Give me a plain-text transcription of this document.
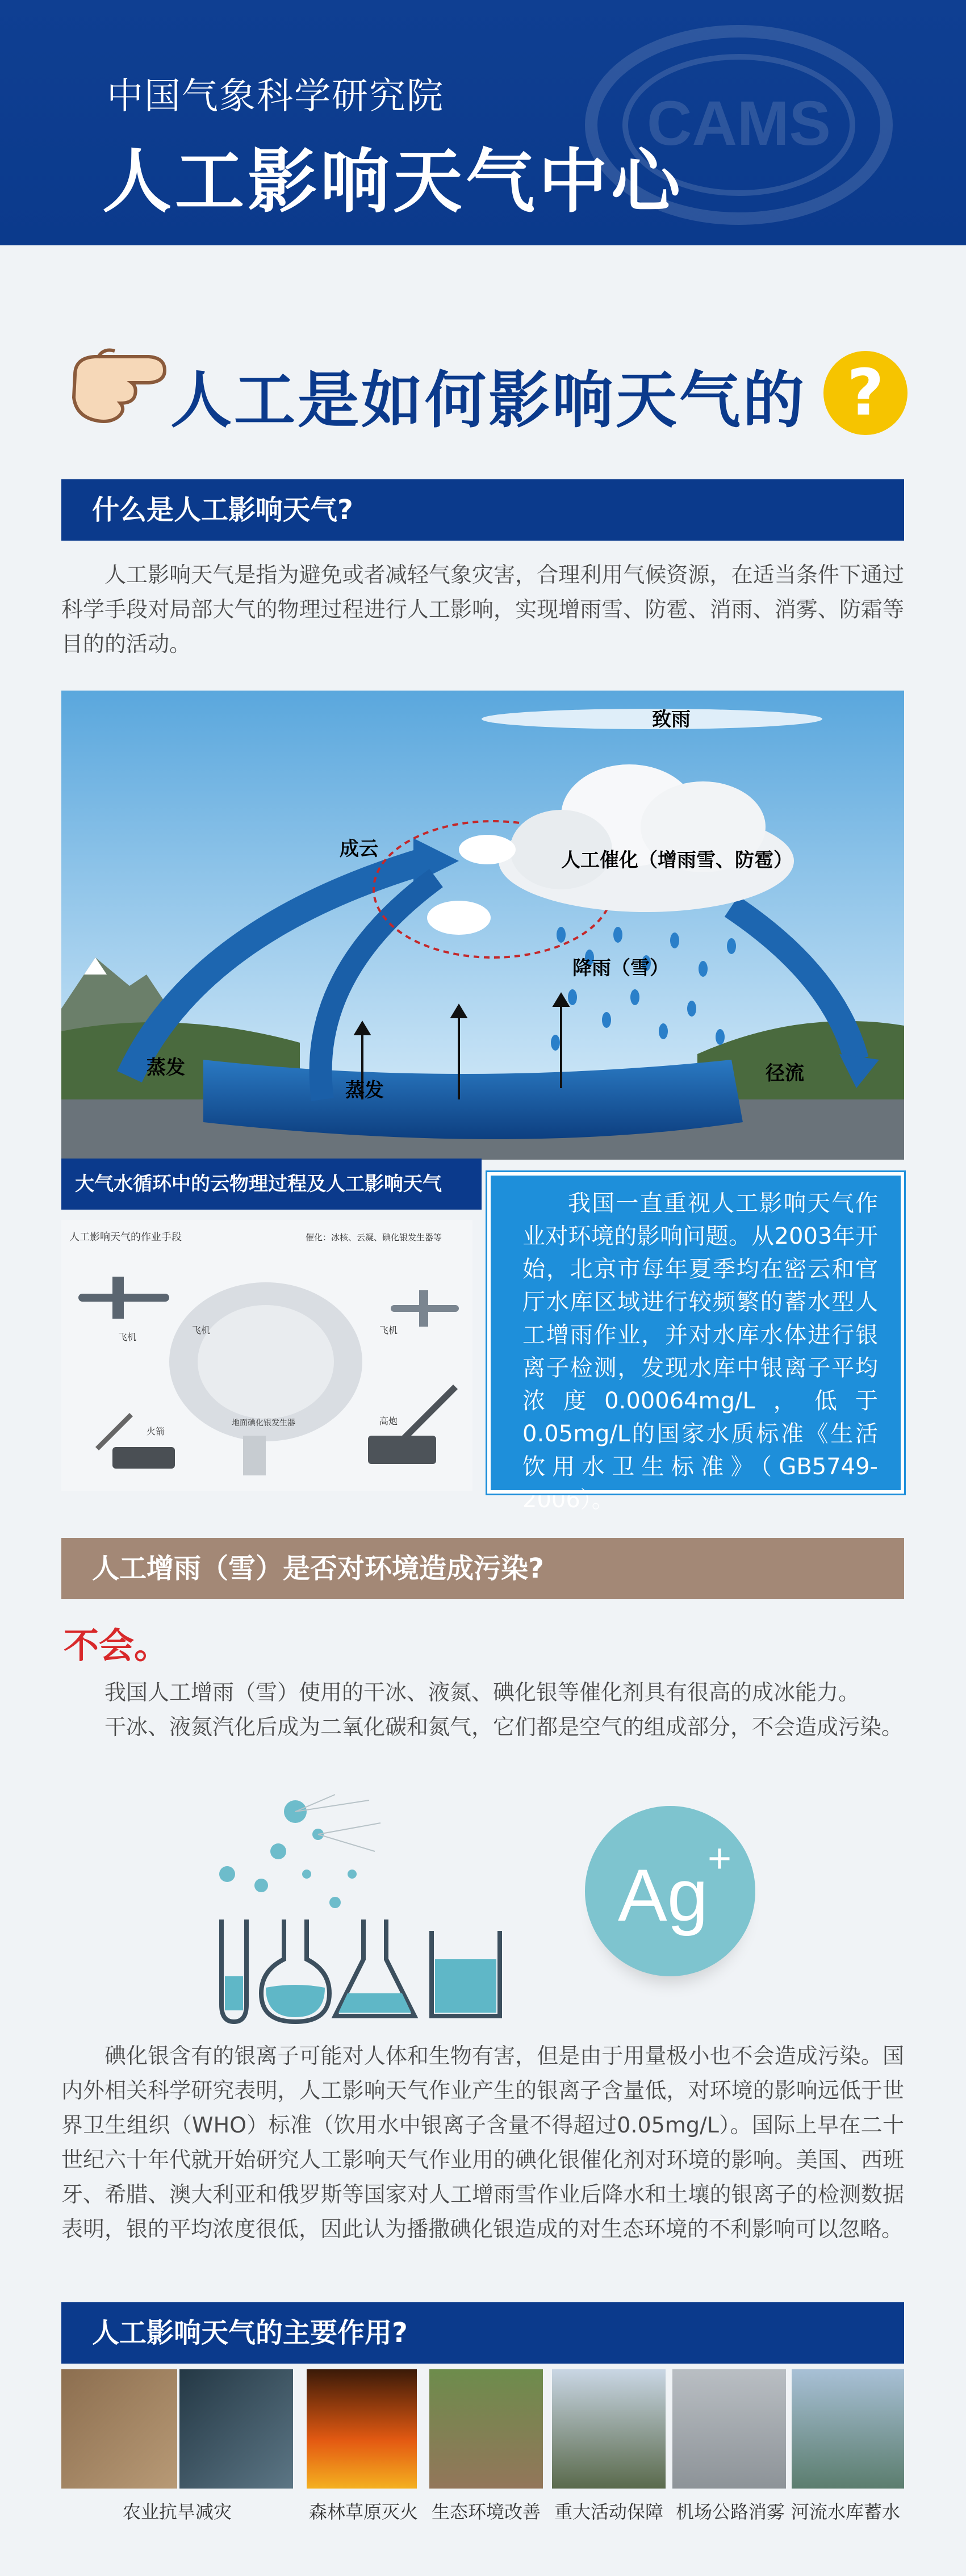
CAMS
中国气象科学研究院
人工影响天气中心
人工是如何影响天气的 ?
什么是人工影响天气?

人工影响天气是指为避免或者减轻气象灾害，合理利用气候资源，在适当条件下通过科学手段对局部大气的物理过程进行人工影响，实现增雨雪、防雹、消雨、消雾、防霜等目的的活动。

致雨
成云	人工催化（增雨雪、防雹）
降雨（雪）
蒸发
蒸发
径流
大气水循环中的云物理过程及人工影响天气
人工影响天气的作业手段	催化：冰核、云凝、碘化银发生器等
飞机
飞机
飞机
火箭
地面碘化银发生器	高炮

我国一直重视人工影响天气作业对环境的影响问题。从2003年开始，北京市每年夏季均在密云和官厅水库区域进行较频繁的蓄水型人工增雨作业，并对水库水体进行银离子检测，发现水库中银离子平均浓度0.00064mg/L，低于0.05mg/L的国家水质标准《生活饮用水卫生标准》（GB5749-2006）。

人工增雨（雪）是否对环境造成污染?
不会。

我国人工增雨（雪）使用的干冰、液氮、碘化银等催化剂具有很高的成冰能力。

干冰、液氮汽化后成为二氧化碳和氮气，它们都是空气的组成部分，不会造成污染。

Ag
+

碘化银含有的银离子可能对人体和生物有害，但是由于用量极小也不会造成污染。国内外相关科学研究表明，人工影响天气作业产生的银离子含量低，对环境的影响远低于世界卫生组织（WHO）标准（饮用水中银离子含量不得超过0.05mg/L）。国际上早在二十世纪六十年代就开始研究人工影响天气作业用的碘化银催化剂对环境的影响。美国、西班牙、希腊、澳大利亚和俄罗斯等国家对人工增雨雪作业后降水和土壤的银离子的检测数据表明，银的平均浓度很低，因此认为播撒碘化银造成的对生态环境的不利影响可以忽略。

人工影响天气的主要作用?
农业抗旱减灾	森林草原灭火 生态环境改善 重大活动保障 机场公路消雾 河流水库蓄水
